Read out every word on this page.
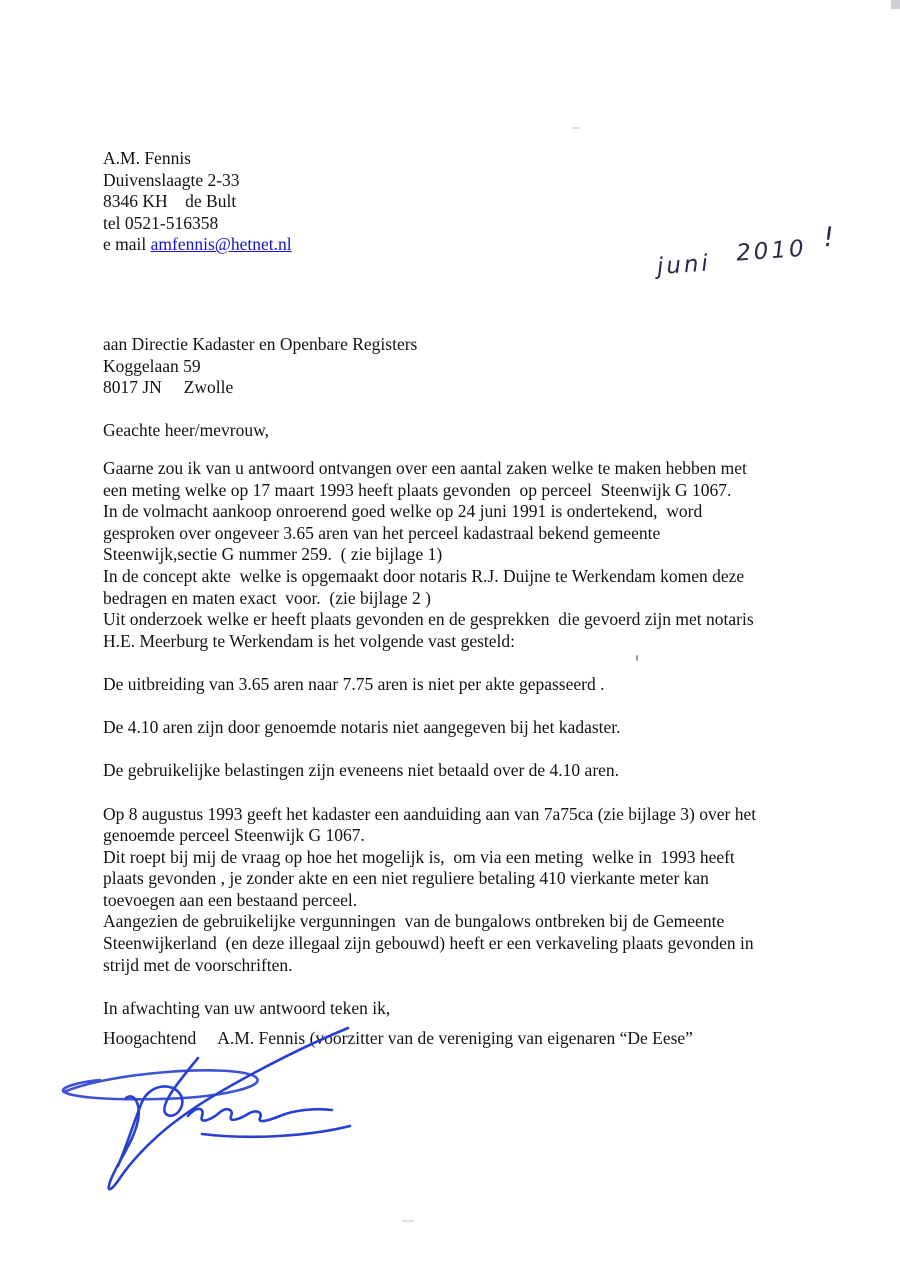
A.M. Fennis
Duivenslaagte 2-33
8346 KH    de Bult
tel 0521-516358
e mail amfennis@hetnet.nl
juni 2010 !
aan Directie Kadaster en Openbare Registers
Koggelaan 59
8017 JN     Zwolle
Geachte heer/mevrouw,
Gaarne zou ik van u antwoord ontvangen over een aantal zaken welke te maken hebben met
een meting welke op 17 maart 1993 heeft plaats gevonden  op perceel  Steenwijk G 1067.
In de volmacht aankoop onroerend goed welke op 24 juni 1991 is ondertekend,  word
gesproken over ongeveer 3.65 aren van het perceel kadastraal bekend gemeente
Steenwijk,sectie G nummer 259.  ( zie bijlage 1)
In de concept akte  welke is opgemaakt door notaris R.J. Duijne te Werkendam komen deze
bedragen en maten exact  voor.  (zie bijlage 2 )
Uit onderzoek welke er heeft plaats gevonden en de gesprekken  die gevoerd zijn met notaris
H.E. Meerburg te Werkendam is het volgende vast gesteld:

De uitbreiding van 3.65 aren naar 7.75 aren is niet per akte gepasseerd .

De 4.10 aren zijn door genoemde notaris niet aangegeven bij het kadaster.

De gebruikelijke belastingen zijn eveneens niet betaald over de 4.10 aren.

Op 8 augustus 1993 geeft het kadaster een aanduiding aan van 7a75ca (zie bijlage 3) over het
genoemde perceel Steenwijk G 1067.
Dit roept bij mij de vraag op hoe het mogelijk is,  om via een meting  welke in  1993 heeft
plaats gevonden , je zonder akte en een niet reguliere betaling 410 vierkante meter kan
toevoegen aan een bestaand perceel.
Aangezien de gebruikelijke vergunningen  van de bungalows ontbreken bij de Gemeente
Steenwijkerland  (en deze illegaal zijn gebouwd) heeft er een verkaveling plaats gevonden in
strijd met de voorschriften.

In afwachting van uw antwoord teken ik,
Hoogachtend     A.M. Fennis (voorzitter van de vereniging van eigenaren “De Eese”
